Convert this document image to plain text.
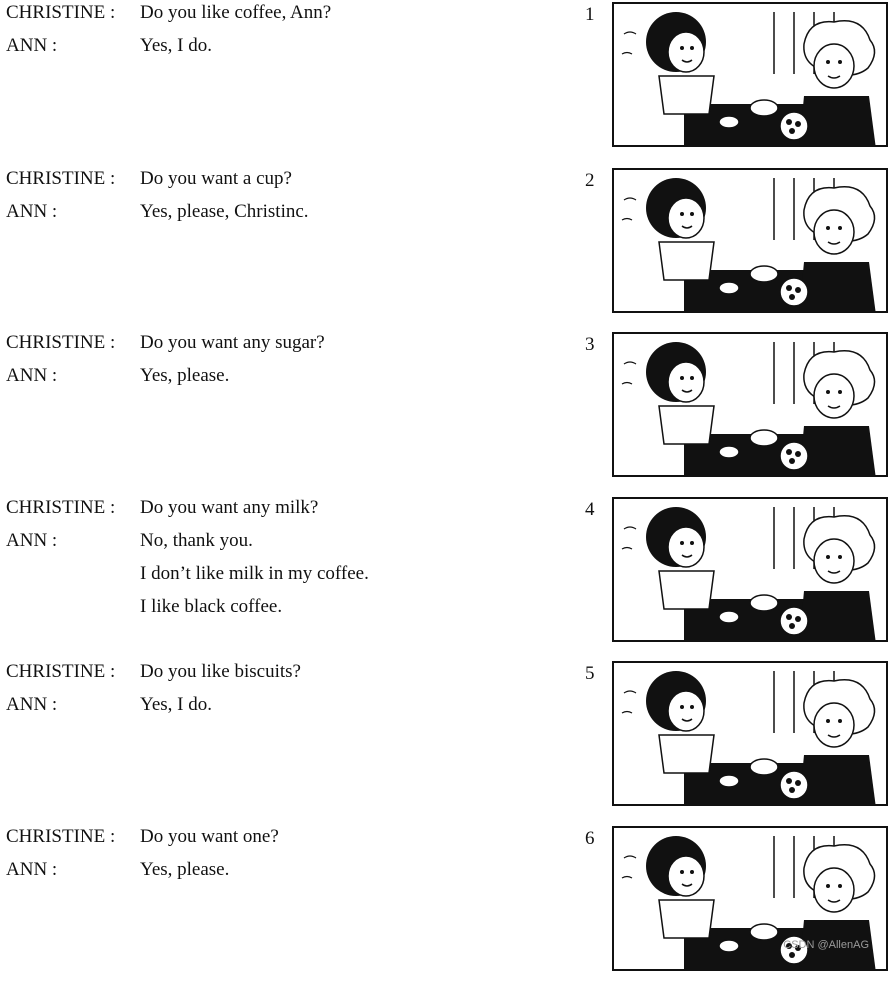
CHRISTINE : Do you like coffee, Ann?
ANN :	Yes, I do.
1
CHRISTINE : Do you want a cup?
ANN :	Yes, please, Christinc.
2
CHRISTINE : Do you want any sugar?
ANN :	Yes, please.
3
CHRISTINE : Do you want any milk?
ANN :	No, thank you.
I don’t like milk in my coffee.
I like black coffee.
4
CHRISTINE : Do you like biscuits?
ANN :	Yes, I do.
5
CHRISTINE : Do you want one?
ANN :	Yes, please.
6
CSDN @AllenAG
